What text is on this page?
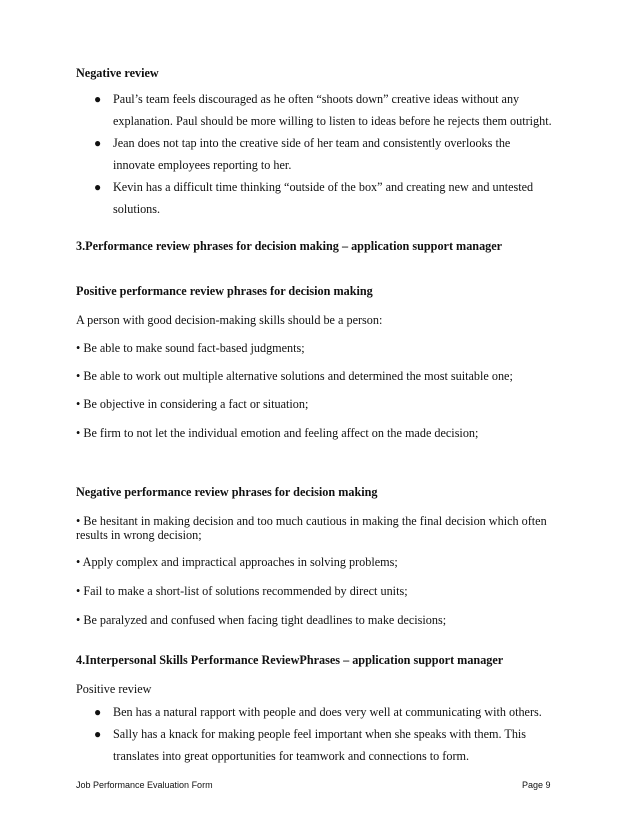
Negative review
● Paul’s team feels discouraged as he often “shoots down” creative ideas without any
explanation. Paul should be more willing to listen to ideas before he rejects them outright.
● Jean does not tap into the creative side of her team and consistently overlooks the
innovate employees reporting to her.
● Kevin has a difficult time thinking “outside of the box” and creating new and untested
solutions.
3.Performance review phrases for decision making – application support manager
Positive performance review phrases for decision making
A person with good decision-making skills should be a person:
• Be able to make sound fact-based judgments;
• Be able to work out multiple alternative solutions and determined the most suitable one;
• Be objective in considering a fact or situation;
• Be firm to not let the individual emotion and feeling affect on the made decision;
Negative performance review phrases for decision making
• Be hesitant in making decision and too much cautious in making the final decision which often
results in wrong decision;
• Apply complex and impractical approaches in solving problems;
• Fail to make a short-list of solutions recommended by direct units;
• Be paralyzed and confused when facing tight deadlines to make decisions;
4.Interpersonal Skills Performance ReviewPhrases – application support manager
Positive review
● Ben has a natural rapport with people and does very well at communicating with others.
● Sally has a knack for making people feel important when she speaks with them. This
translates into great opportunities for teamwork and connections to form.
Job Performance Evaluation Form	Page 9
